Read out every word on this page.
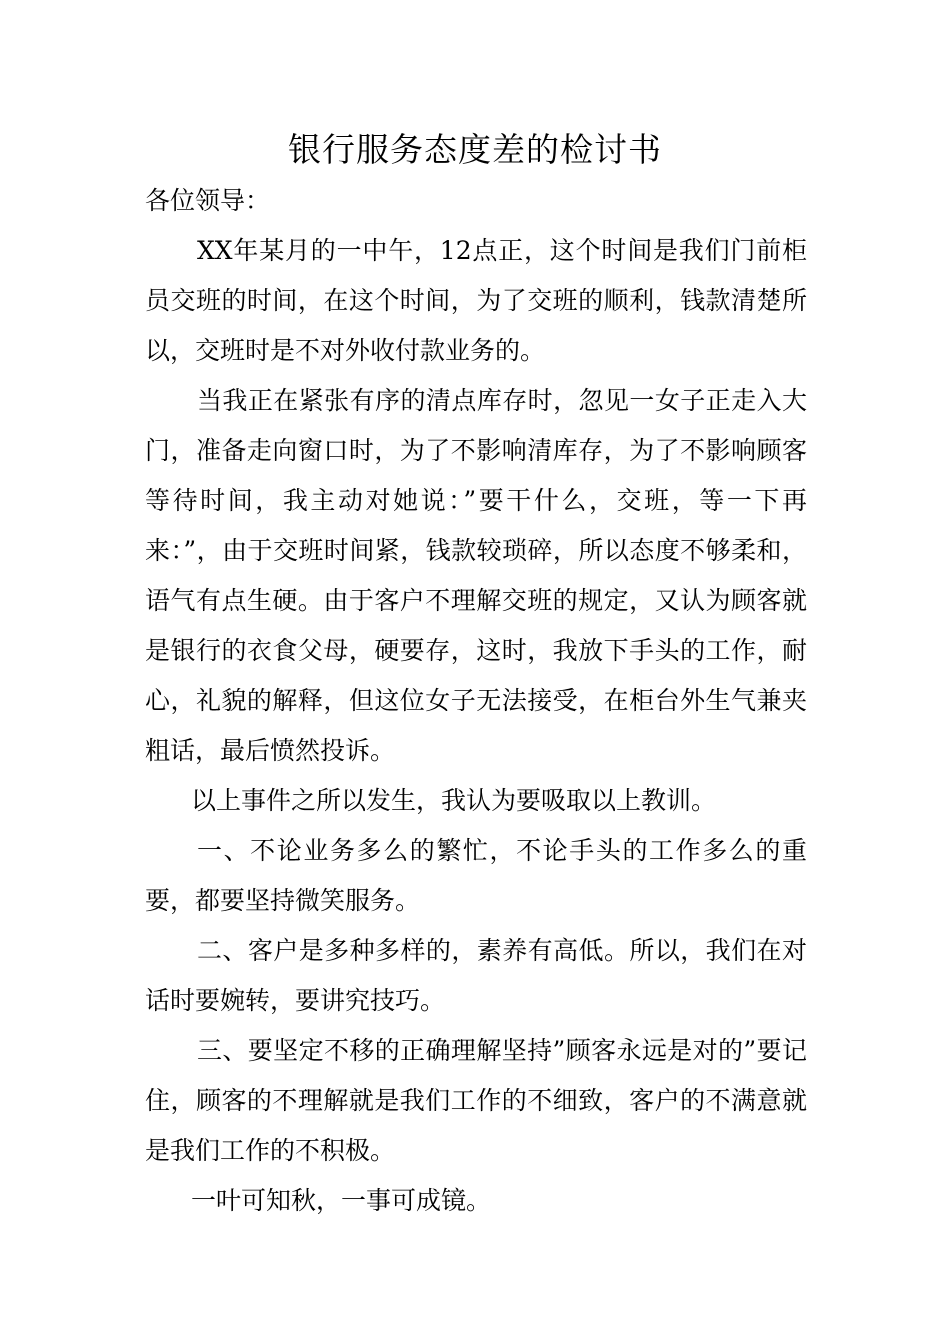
银行服务态度差的检讨书

各位领导：

XX年某月的一中午，12点正，这个时间是我们门前柜员交班的时间，在这个时间，为了交班的顺利，钱款清楚所以，交班时是不对外收付款业务的。

当我正在紧张有序的清点库存时，忽见一女子正走入大门，准备走向窗口时，为了不影响清库存，为了不影响顾客等待时间，我主动对她说：”要干什么，交班，等一下再来：”，由于交班时间紧，钱款较琐碎，所以态度不够柔和，语气有点生硬。由于客户不理解交班的规定，又认为顾客就是银行的衣食父母，硬要存，这时，我放下手头的工作，耐心，礼貌的解释，但这位女子无法接受，在柜台外生气兼夹粗话，最后愤然投诉。

以上事件之所以发生，我认为要吸取以上教训。

一、不论业务多么的繁忙，不论手头的工作多么的重要，都要坚持微笑服务。

二、客户是多种多样的，素养有高低。所以，我们在对话时要婉转，要讲究技巧。

三、要坚定不移的正确理解坚持”顾客永远是对的”要记住，顾客的不理解就是我们工作的不细致，客户的不满意就是我们工作的不积极。

一叶可知秋，一事可成镜。
